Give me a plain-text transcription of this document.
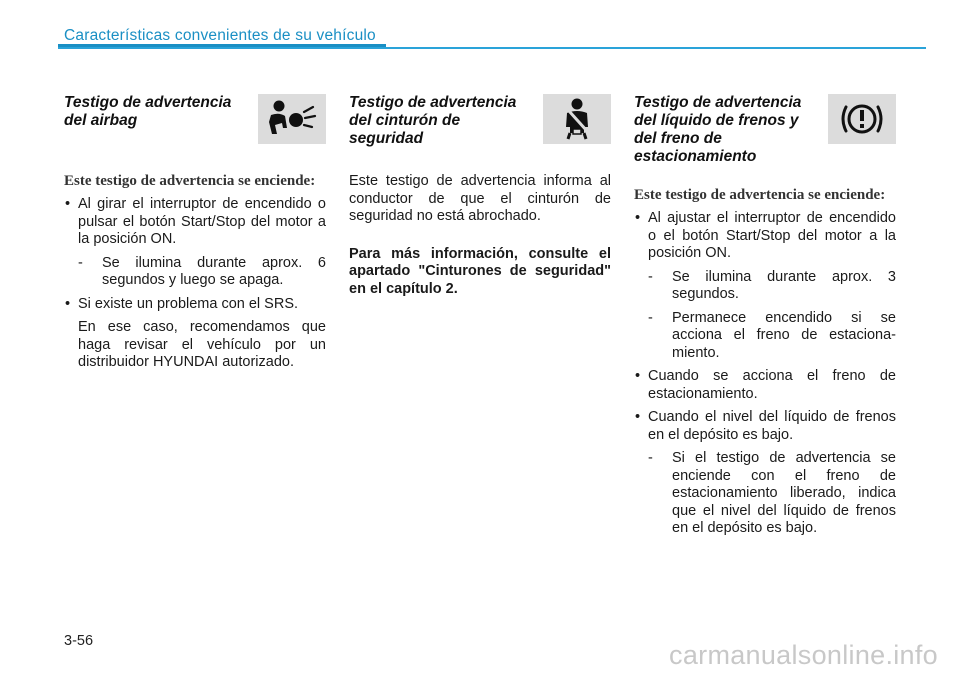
Características convenientes de su vehículo
Testigo de advertencia del airbag
Este testigo de advertencia se enciende:
• Al girar el interruptor de encendido o pulsar el botón Start/Stop del motor a la posición ON.
- Se ilumina durante aprox. 6 segundos y luego se apaga.
• Si existe un problema con el SRS.
En ese caso, recomendamos que haga revisar el vehículo por un distribuidor HYUNDAI autorizado.
Testigo de advertencia del cinturón de seguridad

Este testigo de advertencia informa al conductor de que el cinturón de seguridad no está abrochado.

Para más información, consulte el apartado "Cinturones de seguridad" en el capítulo 2.
Testigo de advertencia del líquido de frenos y del freno de estacionamiento
Este testigo de advertencia se enciende:
• Al ajustar el interruptor de encendido o el botón Start/Stop del motor a la posición ON.
- Se ilumina durante aprox. 3 segundos.
- Permanece encendido si se acciona el freno de estaciona-miento.
• Cuando se acciona el freno de estacionamiento.
• Cuando el nivel del líquido de frenos en el depósito es bajo.
- Si el testigo de advertencia se enciende con el freno de estacionamiento liberado, indica que el nivel del líquido de frenos en el depósito es bajo.
3-56	carmanualsonline.info
